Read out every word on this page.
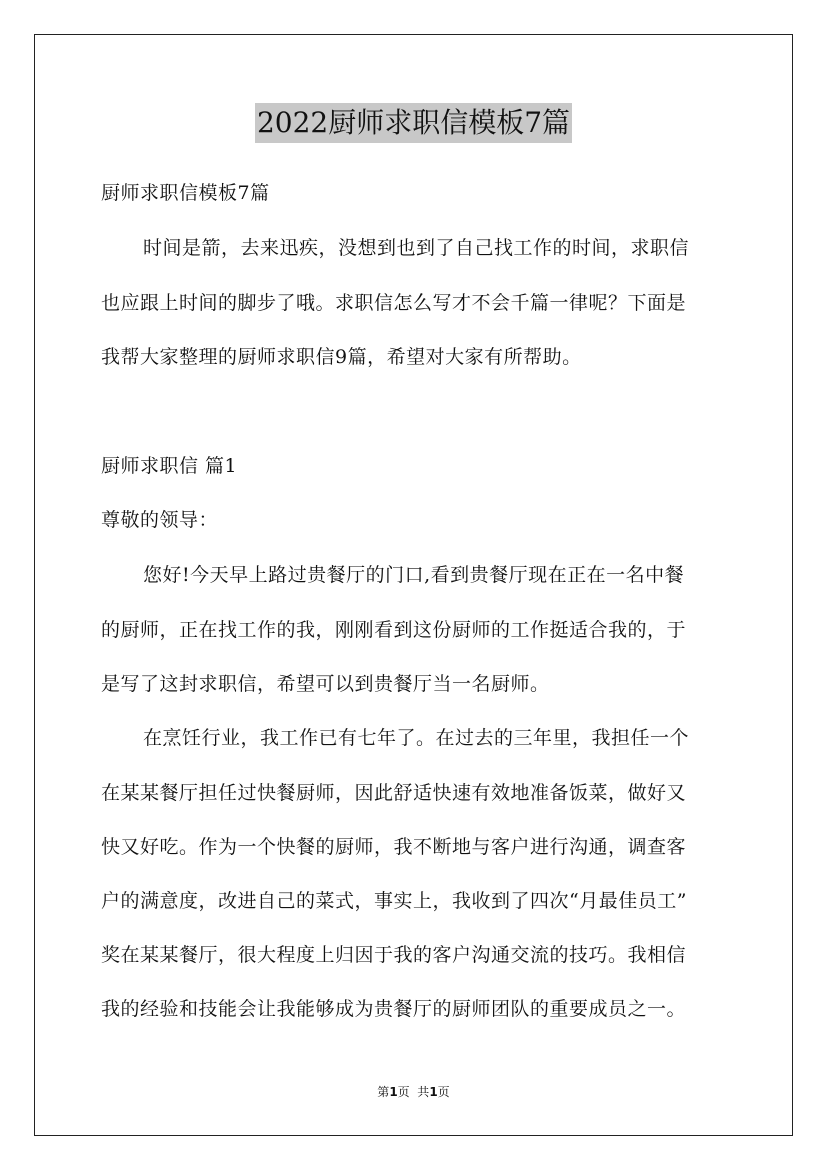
2022厨师求职信模板7篇
厨师求职信模板7篇
时间是箭，去来迅疾，没想到也到了自己找工作的时间，求职信
也应跟上时间的脚步了哦。求职信怎么写才不会千篇一律呢？下面是
我帮大家整理的厨师求职信9篇，希望对大家有所帮助。
厨师求职信 篇1
尊敬的领导：
您好!今天早上路过贵餐厅的门口,看到贵餐厅现在正在一名中餐
的厨师，正在找工作的我，刚刚看到这份厨师的工作挺适合我的，于
是写了这封求职信，希望可以到贵餐厅当一名厨师。
在烹饪行业，我工作已有七年了。在过去的三年里，我担任一个
在某某餐厅担任过快餐厨师，因此舒适快速有效地准备饭菜，做好又
快又好吃。作为一个快餐的厨师，我不断地与客户进行沟通，调查客
户的满意度，改进自己的菜式，事实上，我收到了四次“月最佳员工”
奖在某某餐厅，很大程度上归因于我的客户沟通交流的技巧。我相信
我的经验和技能会让我能够成为贵餐厅的厨师团队的重要成员之一。
第1页  共1页
